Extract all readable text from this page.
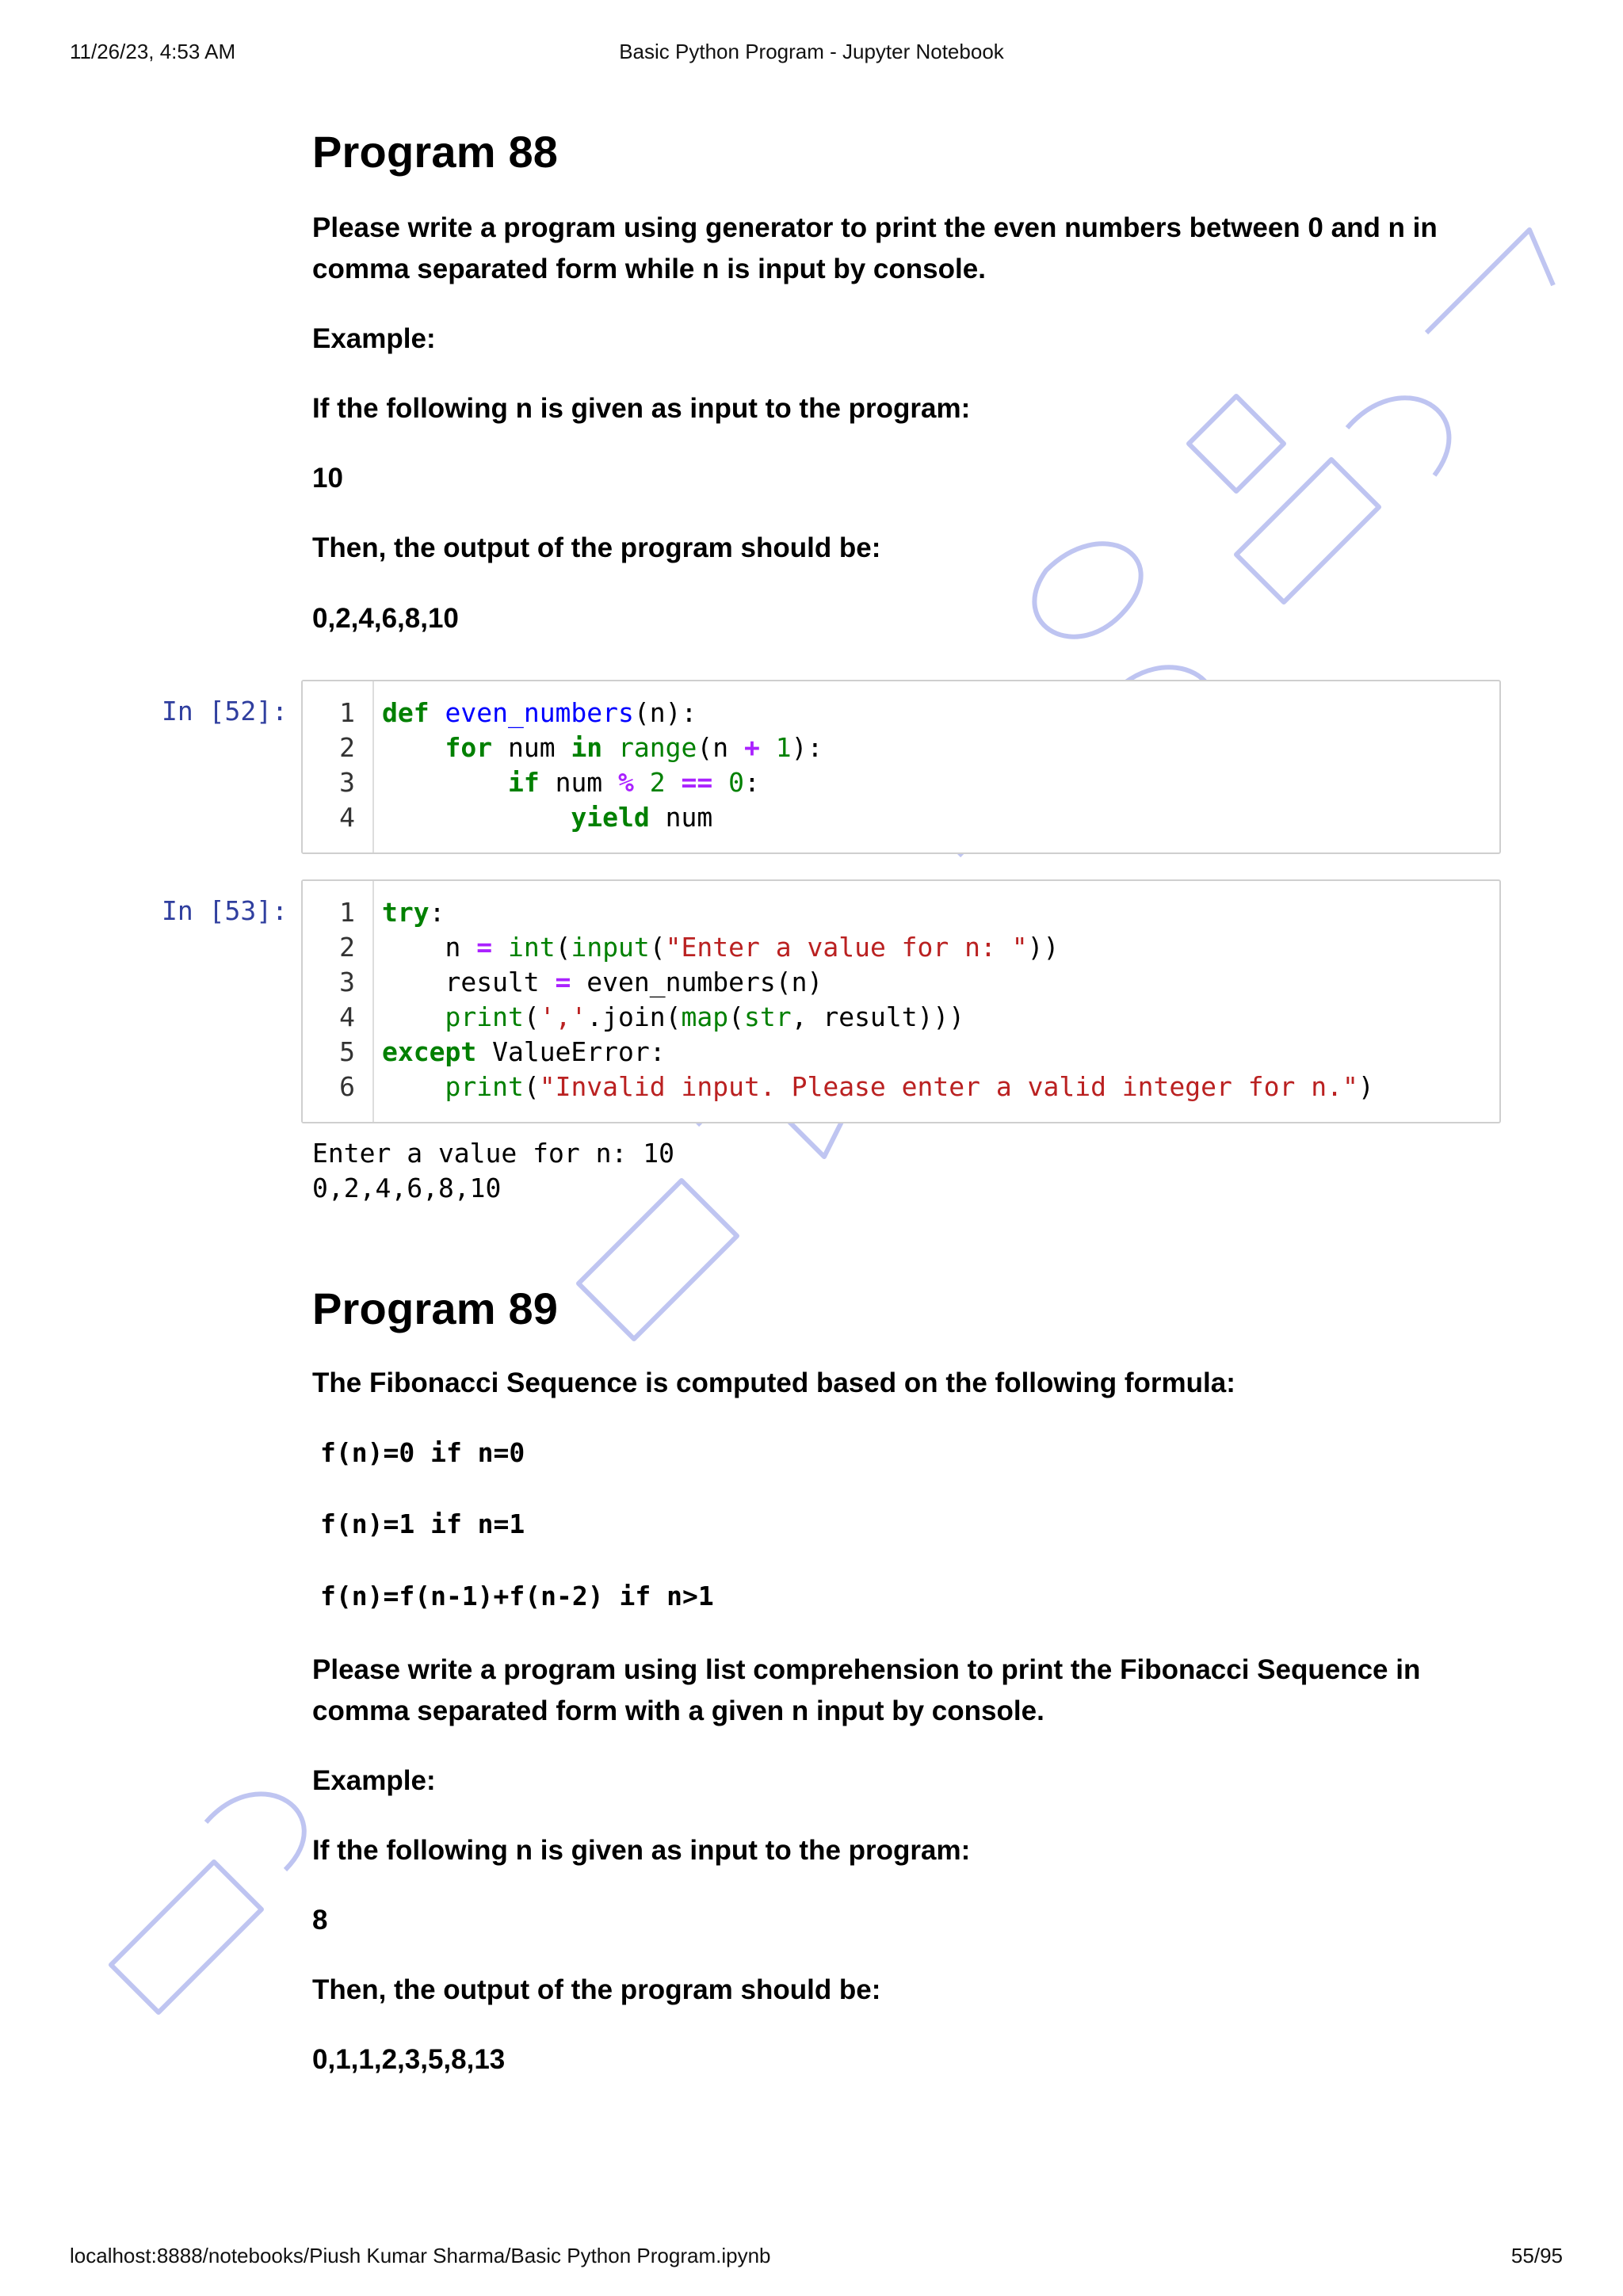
11/26/23, 4:53 AM	Basic Python Program - Jupyter Notebook
Program 88
Please write a program using generator to print the even numbers between 0 and n in comma separated form while n is input by console.
Example:
If the following n is given as input to the program:
10
Then, the output of the program should be:
0,2,4,6,8,10
In [52]:	1
2
3
4
def even_numbers(n):
for num in range(n + 1):
if num % 2 == 0:
yield num
In [53]:	1
2
3
4
5
6
try:
n = int(input("Enter a value for n: "))
result = even_numbers(n)
print(','.join(map(str, result)))
except ValueError:
print("Invalid input. Please enter a valid integer for n.")
Enter a value for n: 10
0,2,4,6,8,10
Program 89
The Fibonacci Sequence is computed based on the following formula:
f(n)=0 if n=0
f(n)=1 if n=1
f(n)=f(n-1)+f(n-2) if n>1
Please write a program using list comprehension to print the Fibonacci Sequence in comma separated form with a given n input by console.
Example:
If the following n is given as input to the program:
8
Then, the output of the program should be:
0,1,1,2,3,5,8,13
localhost:8888/notebooks/Piush Kumar Sharma/Basic Python Program.ipynb	55/95
